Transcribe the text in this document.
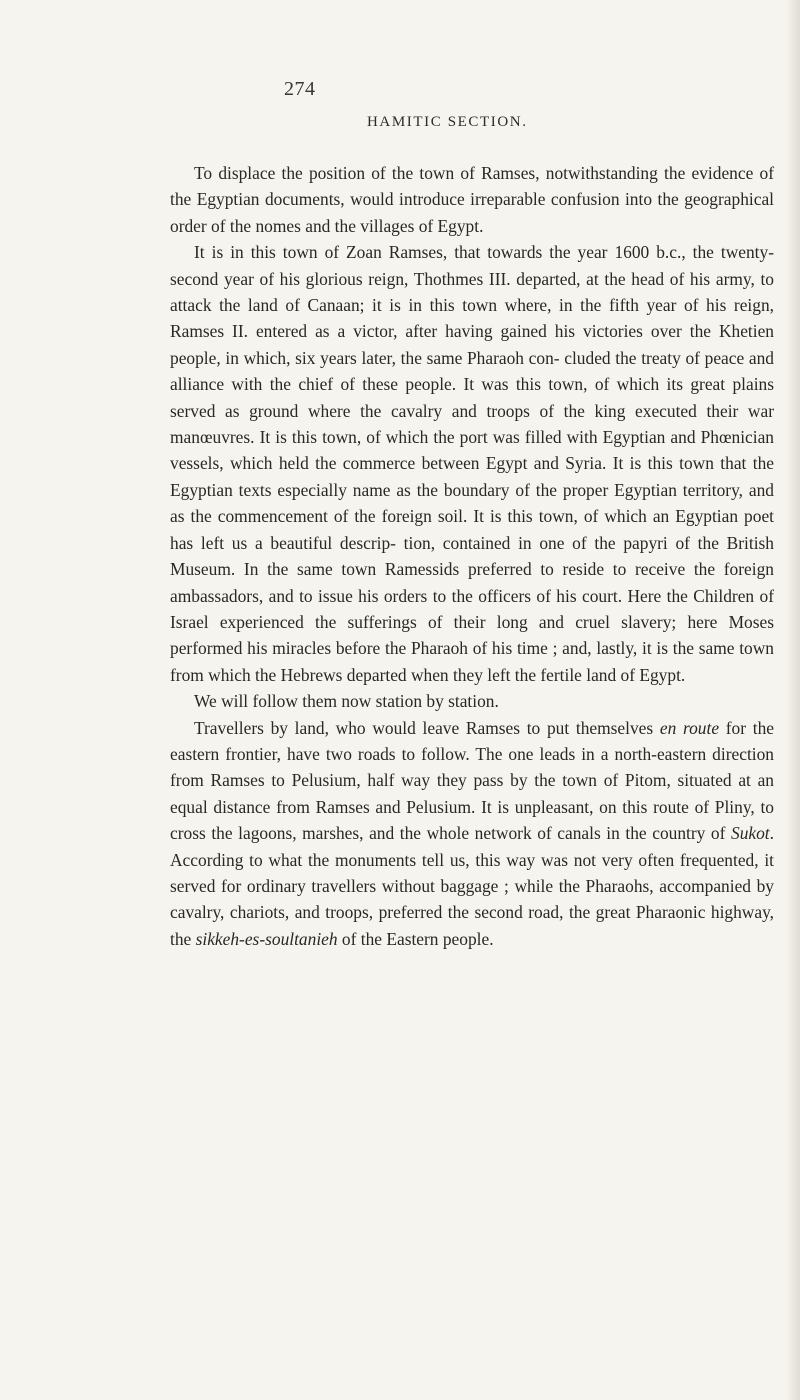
274
HAMITIC SECTION.

To displace the position of the town of Ramses, notwithstanding the evidence of the Egyptian documents, would introduce irreparable confusion into the geographical order of the nomes and the villages of Egypt.

It is in this town of Zoan Ramses, that towards the year 1600 b.c., the twenty-second year of his glorious reign, Thothmes III. departed, at the head of his army, to attack the land of Canaan; it is in this town where, in the fifth year of his reign, Ramses II. entered as a victor, after having gained his victories over the Khetien people, in which, six years later, the same Pharaoh con- cluded the treaty of peace and alliance with the chief of these people. It was this town, of which its great plains served as ground where the cavalry and troops of the king executed their war manœuvres. It is this town, of which the port was filled with Egyptian and Phœnician vessels, which held the commerce between Egypt and Syria. It is this town that the Egyptian texts especially name as the boundary of the proper Egyptian territory, and as the commencement of the foreign soil. It is this town, of which an Egyptian poet has left us a beautiful descrip- tion, contained in one of the papyri of the British Museum. In the same town Ramessids preferred to reside to receive the foreign ambassadors, and to issue his orders to the officers of his court. Here the Children of Israel experienced the sufferings of their long and cruel slavery; here Moses performed his miracles before the Pharaoh of his time ; and, lastly, it is the same town from which the Hebrews departed when they left the fertile land of Egypt.

We will follow them now station by station.

Travellers by land, who would leave Ramses to put themselves en route for the eastern frontier, have two roads to follow. The one leads in a north-eastern direction from Ramses to Pelusium, half way they pass by the town of Pitom, situated at an equal distance from Ramses and Pelusium. It is unpleasant, on this route of Pliny, to cross the lagoons, marshes, and the whole network of canals in the country of Sukot. According to what the monuments tell us, this way was not very often frequented, it served for ordinary travellers without baggage ; while the Pharaohs, accompanied by cavalry, chariots, and troops, preferred the second road, the great Pharaonic highway, the sikkeh-es-soultanieh of the Eastern people.
